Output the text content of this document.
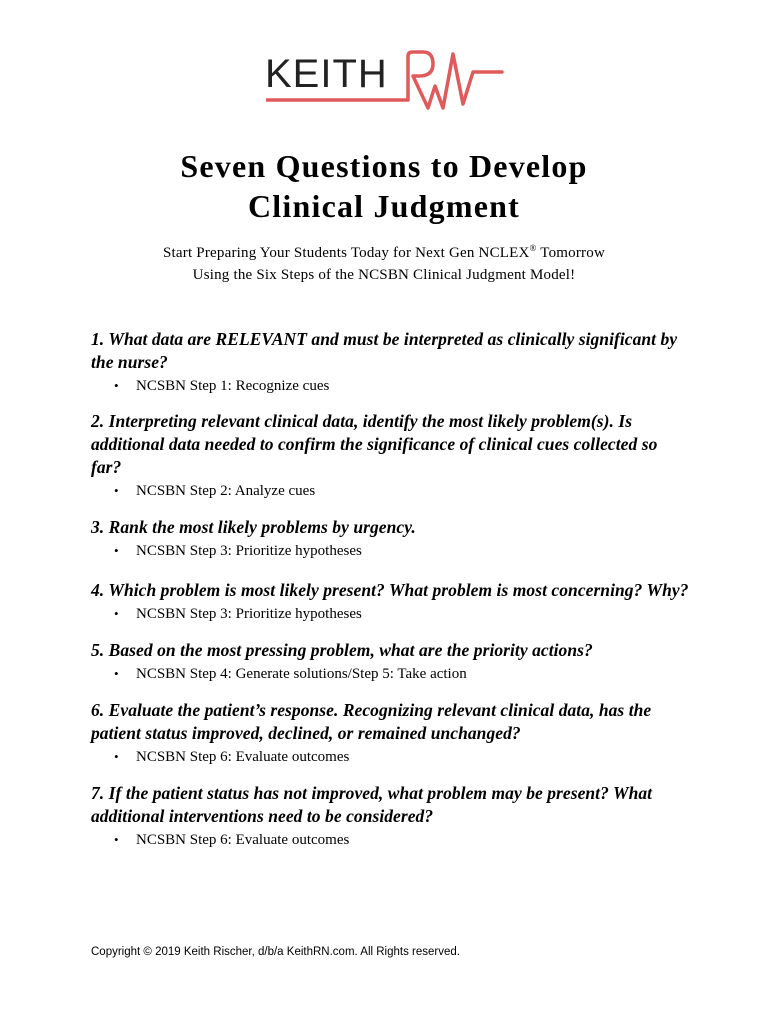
KEITH
Seven Questions to Develop
Clinical Judgment
Start Preparing Your Students Today for Next Gen NCLEX® Tomorrow
Using the Six Steps of the NCSBN Clinical Judgment Model!
1. What data are RELEVANT and must be interpreted as clinically significant by the nurse?
• NCSBN Step 1: Recognize cues
2. Interpreting relevant clinical data, identify the most likely problem(s). Is additional data needed to confirm the significance of clinical cues collected so far?
• NCSBN Step 2: Analyze cues
3. Rank the most likely problems by urgency.
• NCSBN Step 3: Prioritize hypotheses
4. Which problem is most likely present? What problem is most concerning? Why?
• NCSBN Step 3: Prioritize hypotheses
5. Based on the most pressing problem, what are the priority actions?
• NCSBN Step 4: Generate solutions/Step 5: Take action
6. Evaluate the patient’s response. Recognizing relevant clinical data, has the patient status improved, declined, or remained unchanged?
• NCSBN Step 6: Evaluate outcomes
7. If the patient status has not improved, what problem may be present? What additional interventions need to be considered?
• NCSBN Step 6: Evaluate outcomes
Copyright © 2019 Keith Rischer, d/b/a KeithRN.com. All Rights reserved.
